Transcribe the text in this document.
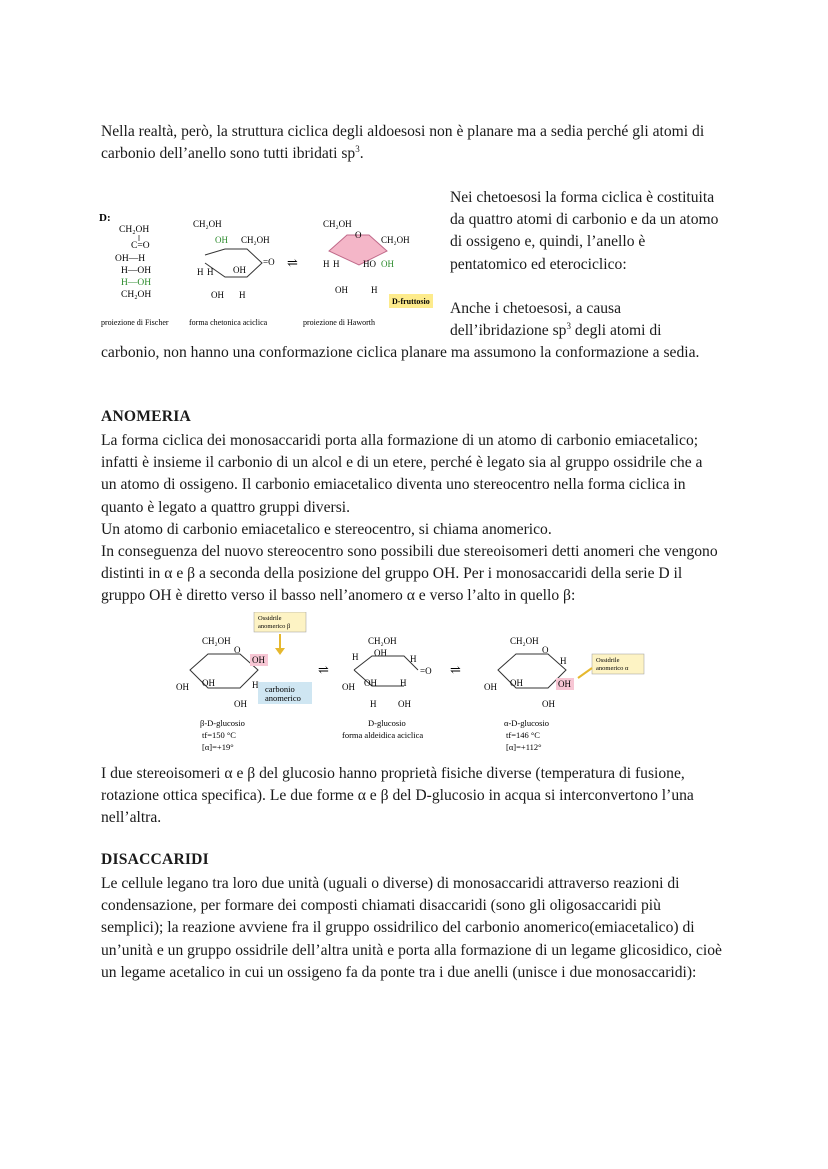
Nella realtà, però, la struttura ciclica degli aldoesosi non è planare ma a sedia perché gli atomi di carbonio dell’anello sono tutti ibridati $sp^3$.
D:
CH₂OH
C=O
OH—H
H—OH
H—OH
CH₂OH
CH₂OH
OH CH₂OH
=O
H H OH
OH H
⇌
CH₂OH
O CH₂OH
H H	HO OH
OH	H
D-fruttosio
proiezione di Fischer	forma chetonica aciclica	proiezione di Haworth
Nei chetoesosi la forma ciclica è costituita da quattro atomi di carbonio e da un atomo di ossigeno e, quindi, l’anello è pentatomico ed eterociclico:
Anche i chetoesosi, a causa
dell’ibridazione $sp^3$ degli atomi di
carbonio, non hanno una conformazione ciclica planare ma assumono la conformazione a sedia.
ANOMERIA
La forma ciclica dei monosaccaridi porta alla formazione di un atomo di carbonio emiacetalico; infatti è insieme il carbonio di un alcol e di un etere, perché è legato sia al gruppo ossidrile che a un atomo di ossigeno. Il carbonio emiacetalico diventa uno stereocentro nella forma ciclica in quanto è legato a quattro gruppi diversi.
Un atomo di carbonio emiacetalico e stereocentro, si chiama anomerico.
In conseguenza del nuovo stereocentro sono possibili due stereoisomeri detti anomeri che vengono distinti in α e β a seconda della posizione del gruppo OH. Per i monosaccaridi della serie D il gruppo OH è diretto verso il basso nell’anomero α e verso l’alto in quello β:
Ossidrile
anomerico β
CH₂OH
O
OH
OH OH	H
OH
carbonio
anomerico
β-D-glucosio
tf=150 °C
[α]=+19°
⇌
CH₂OH
OH
H	H
=O
OH OH	H
H OH
D-glucosio
forma aldeidica aciclica
⇌
CH₂OH
O
H
OH OH	OH
OH
Ossidrile
anomerico α
α-D-glucosio
tf=146 °C
[α]=+112°
I due stereoisomeri α e β del glucosio hanno proprietà fisiche diverse (temperatura di fusione, rotazione ottica specifica). Le due forme α e β del D-glucosio in acqua si interconvertono l’una nell’altra.
DISACCARIDI
Le cellule legano tra loro due unità (uguali o diverse) di monosaccaridi attraverso reazioni di condensazione, per formare dei composti chiamati disaccaridi (sono gli oligosaccaridi più semplici); la reazione avviene fra il gruppo ossidrilico del carbonio anomerico(emiacetalico) di un’unità e un gruppo ossidrile dell’altra unità e porta alla formazione di un legame glicosidico, cioè un legame acetalico in cui un ossigeno fa da ponte tra i due anelli (unisce i due monosaccaridi):
